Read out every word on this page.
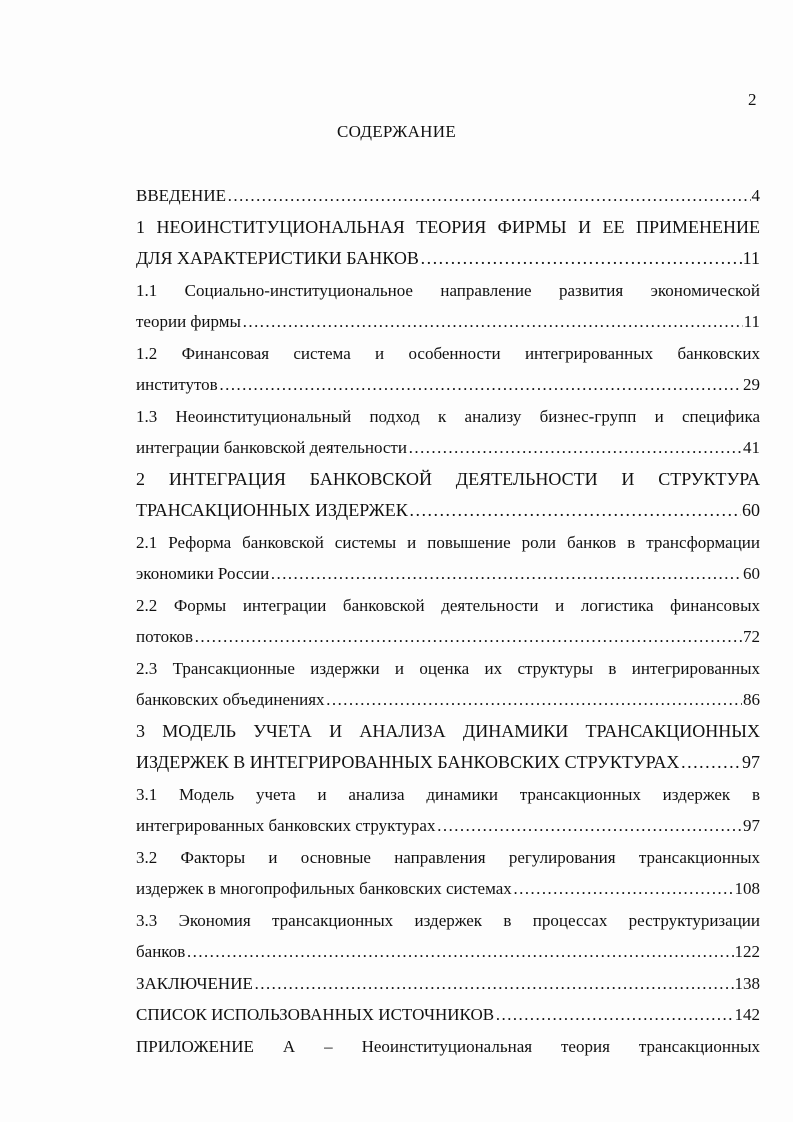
2
СОДЕРЖАНИЕ
ВВЕДЕНИЕ ……………………………………………………………………………………………………………………………………………………………………	4
1 НЕОИНСТИТУЦИОНАЛЬНАЯ ТЕОРИЯ ФИРМЫ И ЕЕ ПРИМЕНЕНИЕ
ДЛЯ ХАРАКТЕРИСТИКИ БАНКОВ ……………………………………………………………………………………………………………………………………………………………………	11
1.1 Социально-институциональное направление развития экономической
теории фирмы ……………………………………………………………………………………………………………………………………………………………………	11
1.2 Финансовая система и особенности интегрированных банковских
институтов ……………………………………………………………………………………………………………………………………………………………………	29
1.3 Неоинституциональный подход к анализу бизнес-групп и специфика
интеграции банковской деятельности ……………………………………………………………………………………………………………………………………………………………………	41
2 ИНТЕГРАЦИЯ БАНКОВСКОЙ ДЕЯТЕЛЬНОСТИ И СТРУКТУРА
ТРАНСАКЦИОННЫХ ИЗДЕРЖЕК ……………………………………………………………………………………………………………………………………………………………………	60
2.1 Реформа банковской системы и повышение роли банков в трансформации
экономики России ……………………………………………………………………………………………………………………………………………………………………	60
2.2 Формы интеграции банковской деятельности и логистика финансовых
потоков ……………………………………………………………………………………………………………………………………………………………………	72
2.3 Трансакционные издержки и оценка их структуры в интегрированных
банковских объединениях ……………………………………………………………………………………………………………………………………………………………………	86
3 МОДЕЛЬ УЧЕТА И АНАЛИЗА ДИНАМИКИ ТРАНСАКЦИОННЫХ
ИЗДЕРЖЕК В ИНТЕГРИРОВАННЫХ БАНКОВСКИХ СТРУКТУРАХ ……………………………………………………………………………………………………………………………………………………………………	97
3.1 Модель учета и анализа динамики трансакционных издержек в
интегрированных банковских структурах ……………………………………………………………………………………………………………………………………………………………………	97
3.2 Факторы и основные направления регулирования трансакционных
издержек в многопрофильных банковских системах ……………………………………………………………………………………………………………………………………………………………………	108
3.3 Экономия трансакционных издержек в процессах реструктуризации
банков ……………………………………………………………………………………………………………………………………………………………………	122
ЗАКЛЮЧЕНИЕ ……………………………………………………………………………………………………………………………………………………………………	138
СПИСОК ИСПОЛЬЗОВАННЫХ ИСТОЧНИКОВ ……………………………………………………………………………………………………………………………………………………………………	142
ПРИЛОЖЕНИЕ А – Неоинституциональная теория трансакционных
